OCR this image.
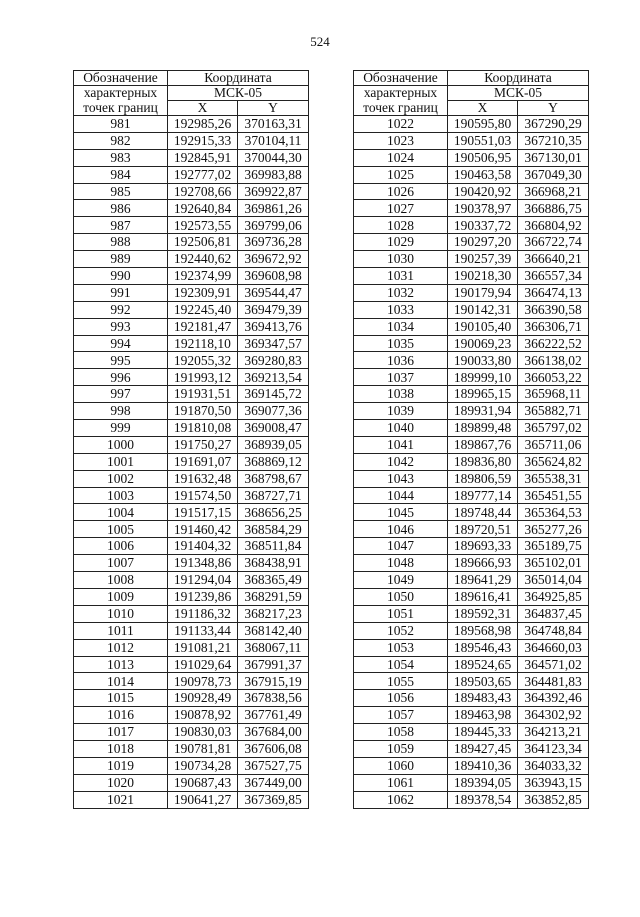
524
Обозначение	Координата	
характерных	МСК-05	
точек границ	X	Y
981	192985,26	370163,31
982	192915,33	370104,11
983	192845,91	370044,30
984	192777,02	369983,88
985	192708,66	369922,87
986	192640,84	369861,26
987	192573,55	369799,06
988	192506,81	369736,28
989	192440,62	369672,92
990	192374,99	369608,98
991	192309,91	369544,47
992	192245,40	369479,39
993	192181,47	369413,76
994	192118,10	369347,57
995	192055,32	369280,83
996	191993,12	369213,54
997	191931,51	369145,72
998	191870,50	369077,36
999	191810,08	369008,47
1000	191750,27	368939,05
1001	191691,07	368869,12
1002	191632,48	368798,67
1003	191574,50	368727,71
1004	191517,15	368656,25
1005	191460,42	368584,29
1006	191404,32	368511,84
1007	191348,86	368438,91
1008	191294,04	368365,49
1009	191239,86	368291,59
1010	191186,32	368217,23
1011	191133,44	368142,40
1012	191081,21	368067,11
1013	191029,64	367991,37
1014	190978,73	367915,19
1015	190928,49	367838,56
1016	190878,92	367761,49
1017	190830,03	367684,00
1018	190781,81	367606,08
1019	190734,28	367527,75
1020	190687,43	367449,00
1021	190641,27	367369,85
Обозначение	Координата	
характерных	МСК-05	
точек границ	X	Y
1022	190595,80	367290,29
1023	190551,03	367210,35
1024	190506,95	367130,01
1025	190463,58	367049,30
1026	190420,92	366968,21
1027	190378,97	366886,75
1028	190337,72	366804,92
1029	190297,20	366722,74
1030	190257,39	366640,21
1031	190218,30	366557,34
1032	190179,94	366474,13
1033	190142,31	366390,58
1034	190105,40	366306,71
1035	190069,23	366222,52
1036	190033,80	366138,02
1037	189999,10	366053,22
1038	189965,15	365968,11
1039	189931,94	365882,71
1040	189899,48	365797,02
1041	189867,76	365711,06
1042	189836,80	365624,82
1043	189806,59	365538,31
1044	189777,14	365451,55
1045	189748,44	365364,53
1046	189720,51	365277,26
1047	189693,33	365189,75
1048	189666,93	365102,01
1049	189641,29	365014,04
1050	189616,41	364925,85
1051	189592,31	364837,45
1052	189568,98	364748,84
1053	189546,43	364660,03
1054	189524,65	364571,02
1055	189503,65	364481,83
1056	189483,43	364392,46
1057	189463,98	364302,92
1058	189445,33	364213,21
1059	189427,45	364123,34
1060	189410,36	364033,32
1061	189394,05	363943,15
1062	189378,54	363852,85
